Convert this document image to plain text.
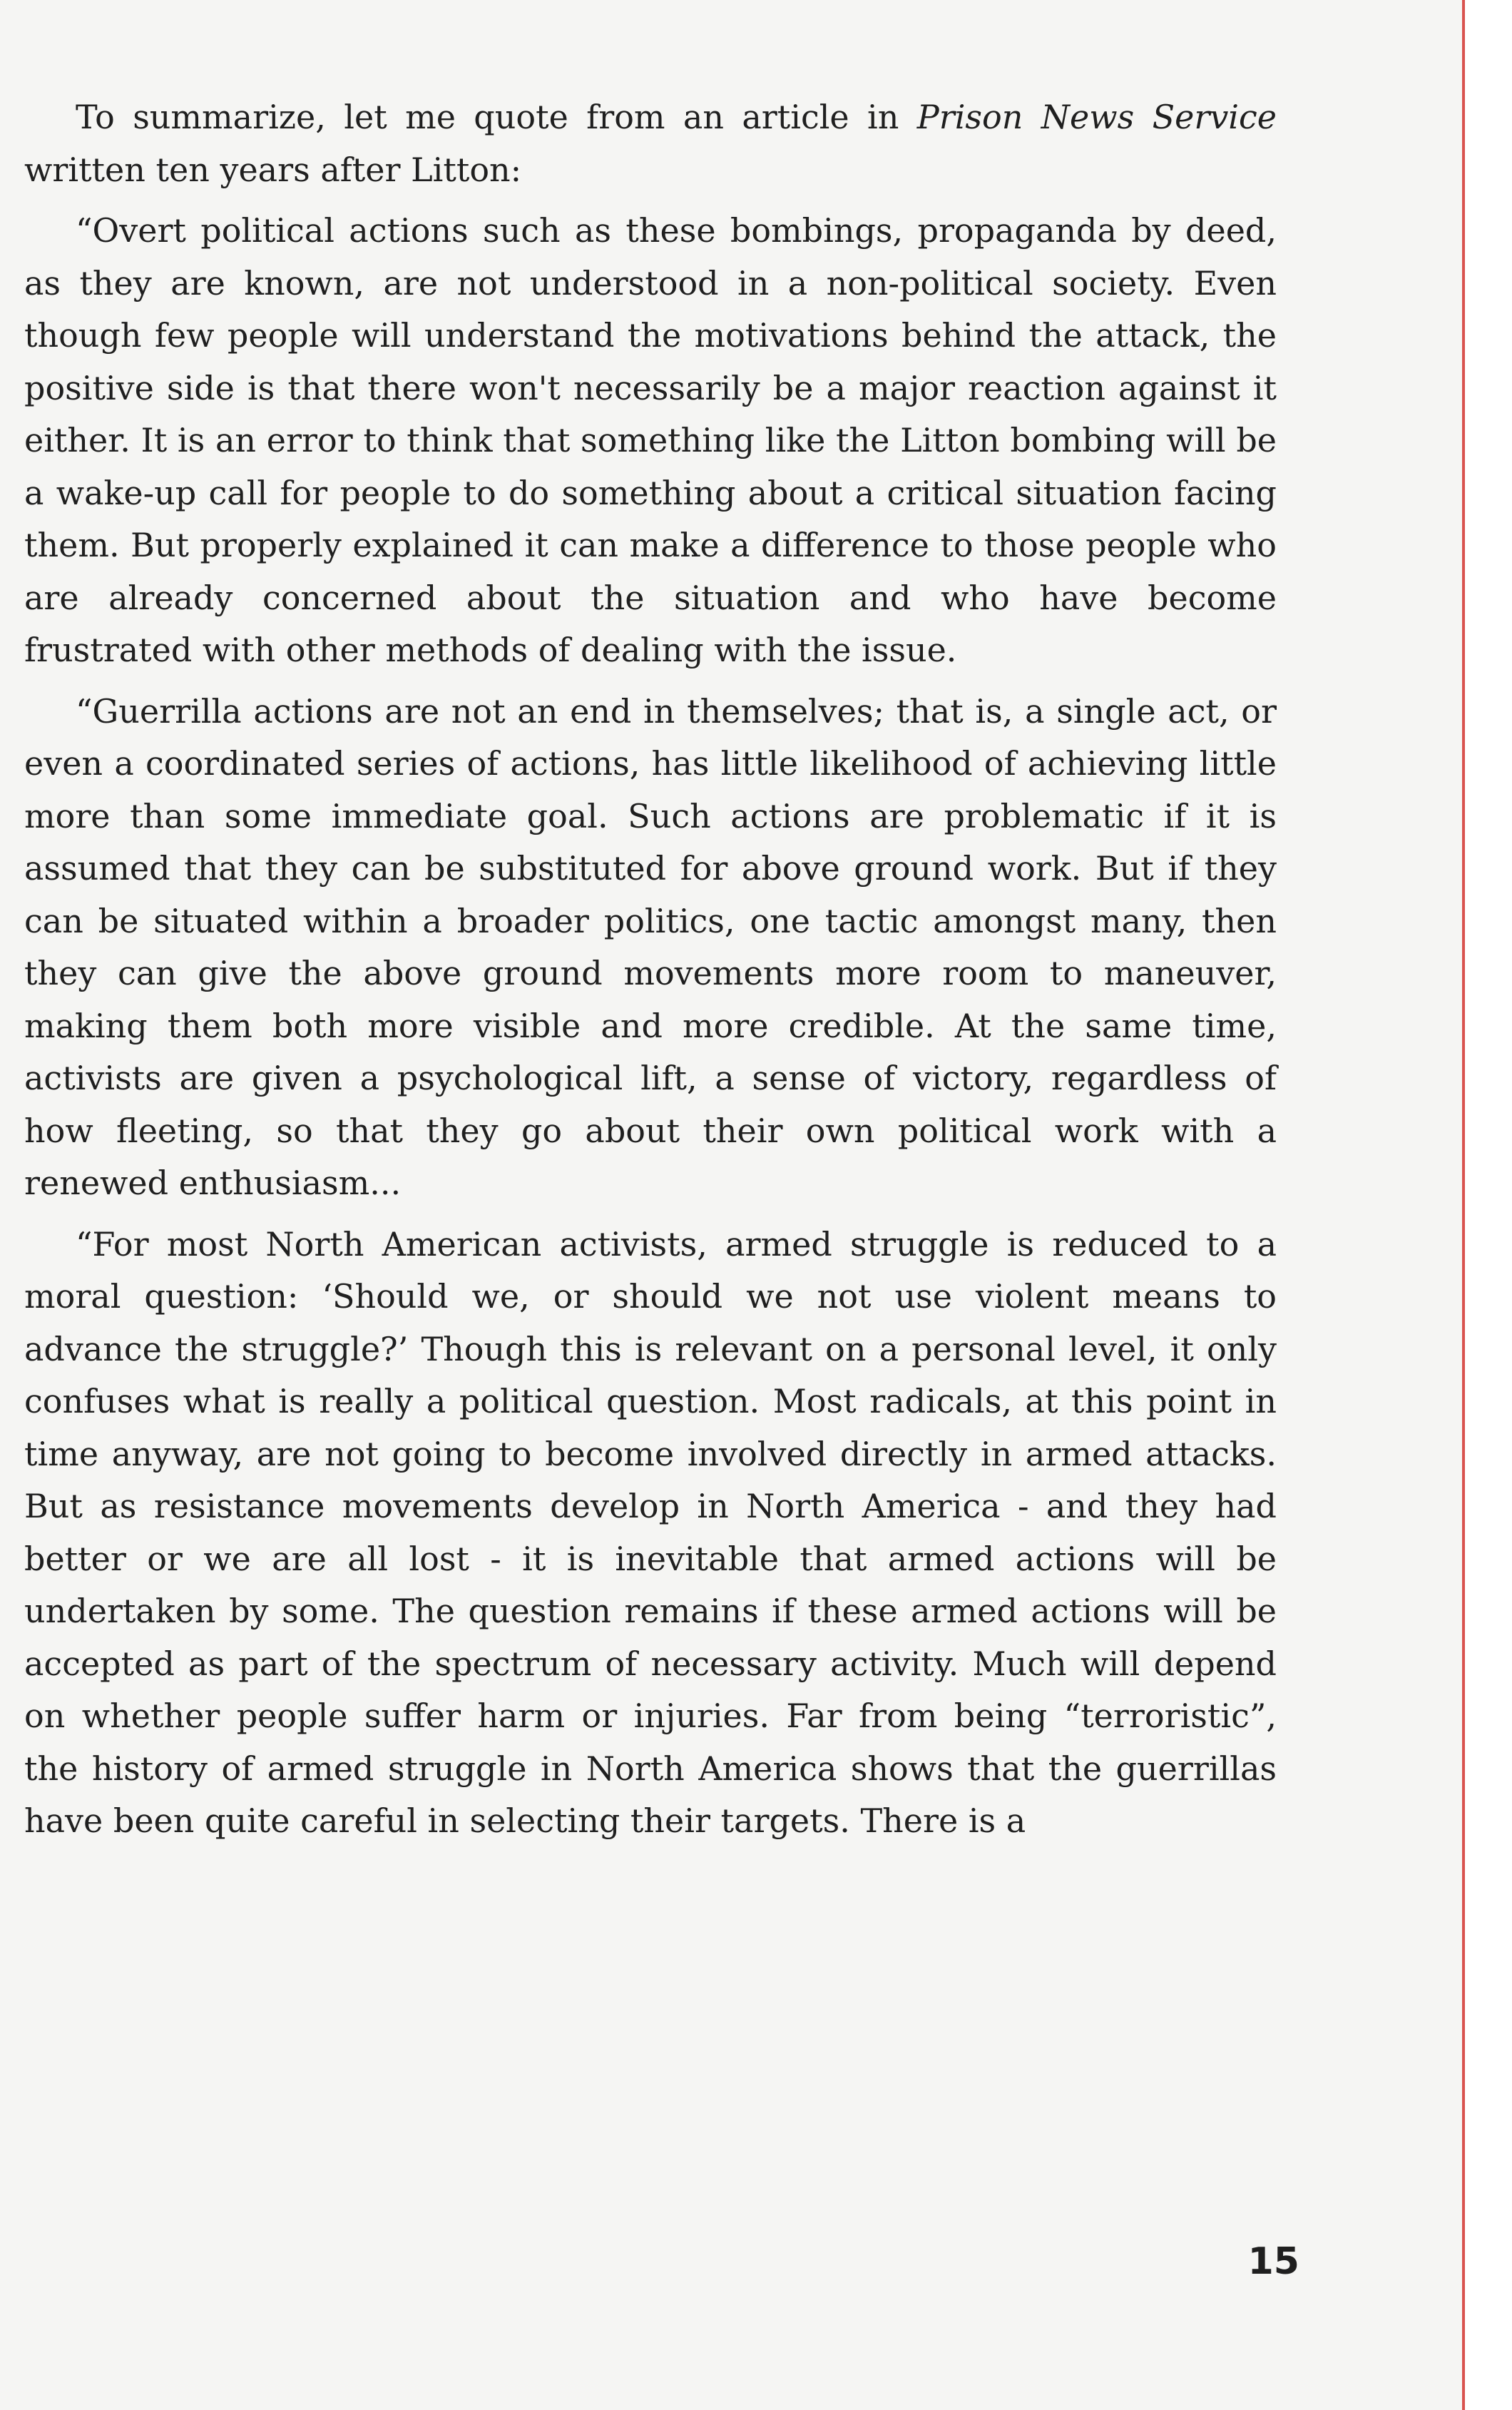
To summarize, let me quote from an article in Prison News Service written ten years after Litton:

“Overt political actions such as these bombings, propaganda by deed, as they are known, are not understood in a non-political society. Even though few people will understand the motivations behind the attack, the positive side is that there won't necessarily be a major reaction against it either. It is an error to think that something like the Litton bombing will be a wake-up call for people to do something about a critical situation facing them. But properly explained it can make a difference to those people who are already concerned about the situation and who have become frustrated with other methods of dealing with the issue.

“Guerrilla actions are not an end in themselves; that is, a single act, or even a coordinated series of actions, has little likelihood of achieving little more than some immediate goal. Such actions are problematic if it is assumed that they can be substituted for above ground work. But if they can be situated within a broader politics, one tactic amongst many, then they can give the above ground movements more room to maneuver, making them both more visible and more credible. At the same time, activists are given a psychological lift, a sense of victory, regardless of how fleeting, so that they go about their own political work with a renewed enthusiasm...

“For most North American activists, armed struggle is reduced to a moral question: ‘Should we, or should we not use violent means to advance the struggle?’ Though this is relevant on a personal level, it only confuses what is really a political question. Most radicals, at this point in time anyway, are not going to become involved directly in armed attacks. But as resistance movements develop in North America - and they had better or we are all lost - it is inevitable that armed actions will be undertaken by some. The question remains if these armed actions will be accepted as part of the spectrum of necessary activity. Much will depend on whether people suffer harm or injuries. Far from being “terroristic”, the history of armed struggle in North America shows that the guerrillas have been quite careful in selecting their targets. There is a

15
